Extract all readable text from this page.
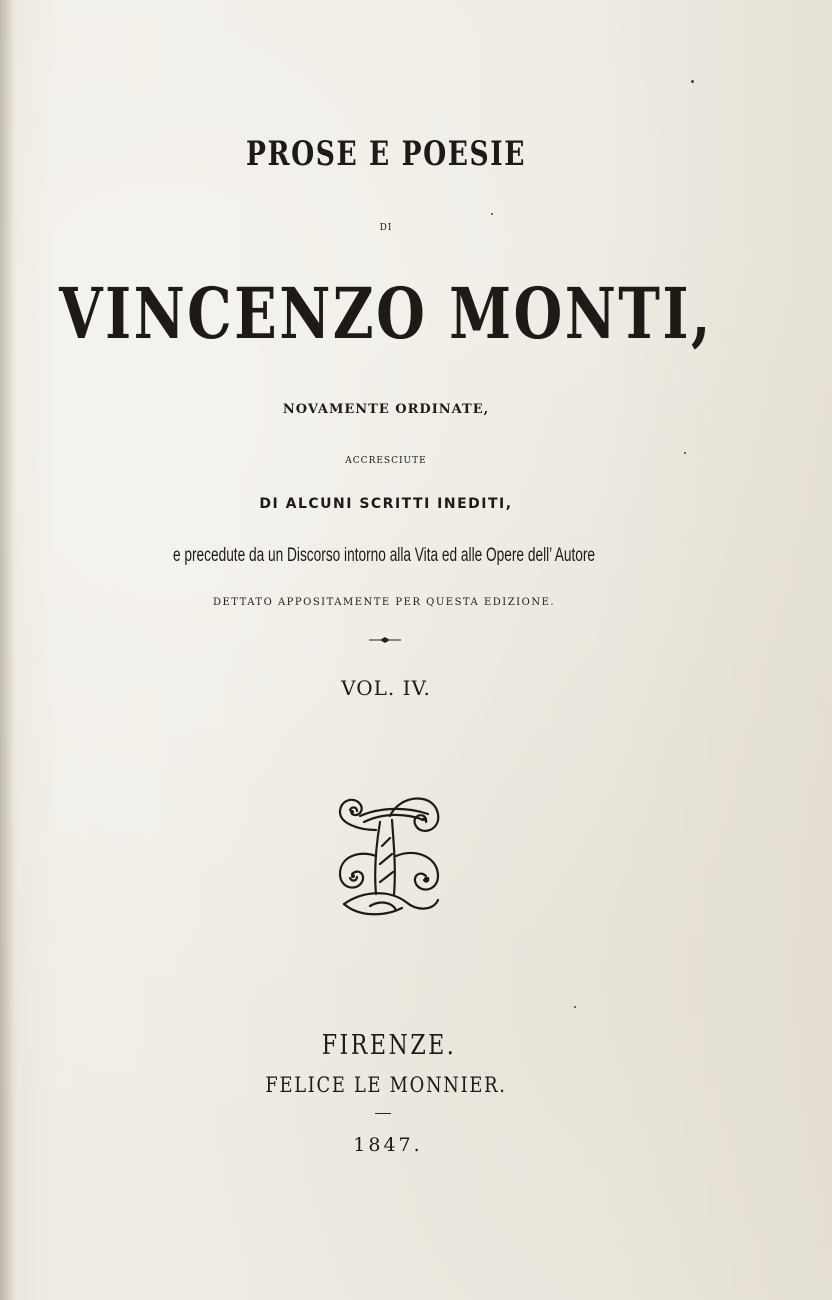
PROSE E POESIE
DI
VINCENZO MONTI,
NOVAMENTE ORDINATE,
ACCRESCIUTE
DI ALCUNI SCRITTI INEDITI,
e precedute da un Discorso intorno alla Vita ed alle Opere dell’ Autore
DETTATO APPOSITAMENTE PER QUESTA EDIZIONE.
VOL. IV.
FIRENZE.
FELICE LE MONNIER.
1847.
